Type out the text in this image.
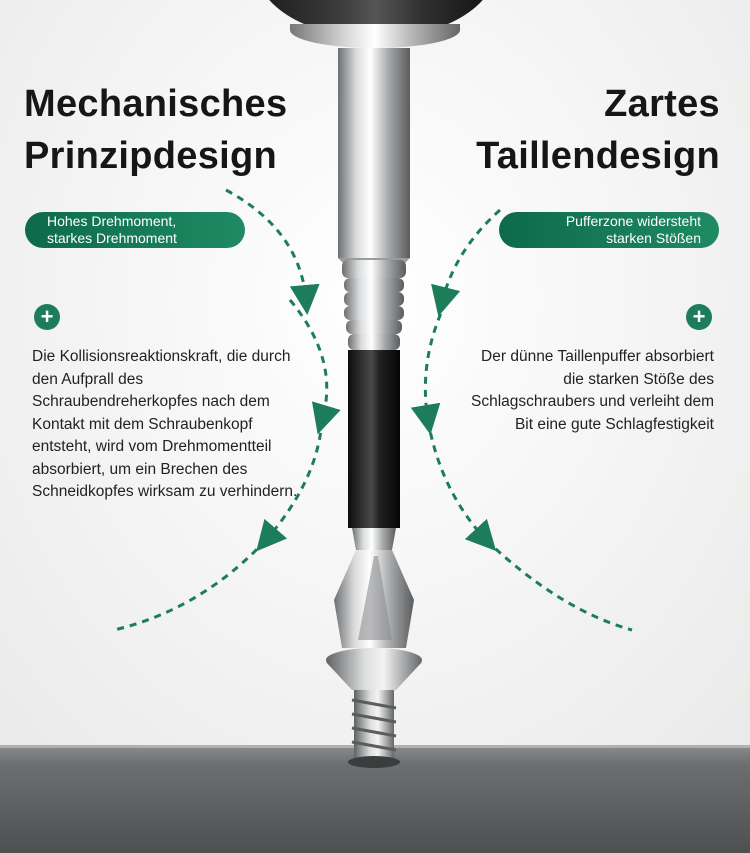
Mechanisches
Prinzipdesign
Hohes Drehmoment,
starkes Drehmoment
+

Die Kollisionsreaktionskraft, die durch den Aufprall des Schraubendreherkopfes nach dem Kontakt mit dem Schraubenkopf entsteht, wird vom Drehmomentteil absorbiert, um ein Brechen des Schneidkopfes wirksam zu verhindern.

Zartes
Taillendesign
Pufferzone widersteht
starken Stößen
+

Der dünne Taillenpuffer absorbiert die starken Stöße des Schlagschraubers und verleiht dem Bit eine gute Schlagfestigkeit
